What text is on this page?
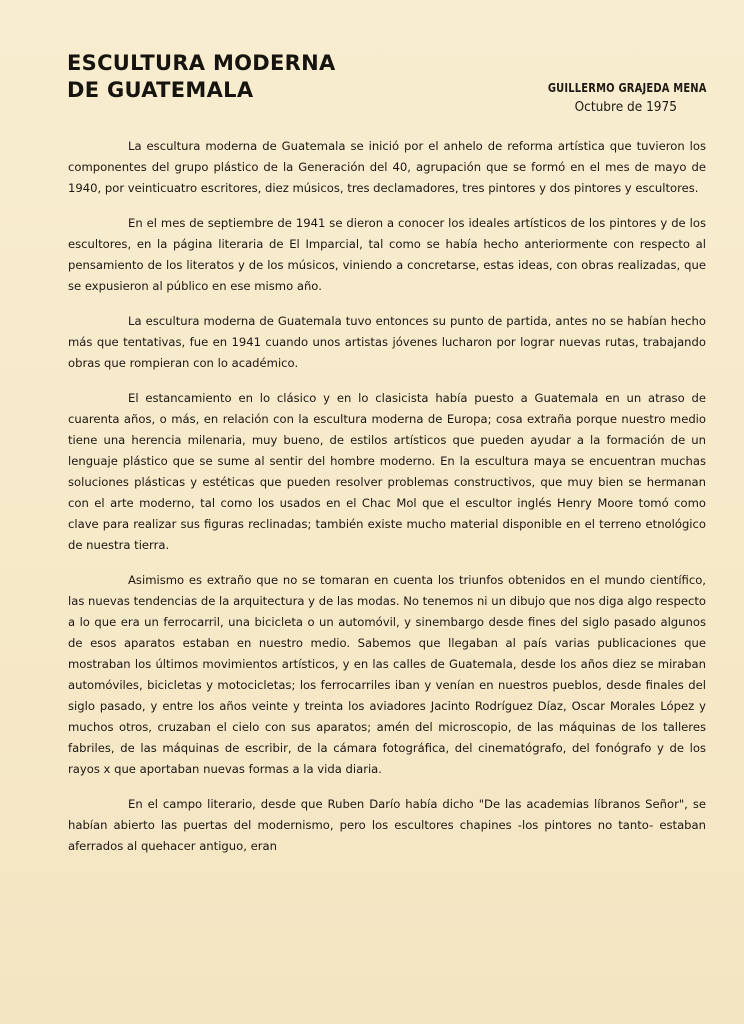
ESCULTURA MODERNA
DE GUATEMALA	GUILLERMO GRAJEDA MENA
Octubre de 1975

La escultura moderna de Guatemala se inició por el anhelo de reforma artística que tuvieron los componentes del grupo plástico de la Generación del 40, agrupación que se formó en el mes de mayo de 1940, por veinticuatro escritores, diez músicos, tres declamadores, tres pintores y dos pintores y escultores.

En el mes de septiembre de 1941 se dieron a conocer los ideales artísticos de los pintores y de los escultores, en la página literaria de El Imparcial, tal como se había hecho anteriormente con respecto al pensamiento de los literatos y de los músicos, viniendo a concretarse, estas ideas, con obras realizadas, que se expusieron al público en ese mismo año.

La escultura moderna de Guatemala tuvo entonces su punto de partida, antes no se habían hecho más que tentativas, fue en 1941 cuando unos artistas jóvenes lucharon por lograr nuevas rutas, trabajando obras que rompieran con lo académico.

El estancamiento en lo clásico y en lo clasicista había puesto a Guatemala en un atraso de cuarenta años, o más, en relación con la escultura moderna de Europa; cosa extraña porque nuestro medio tiene una herencia milenaria, muy bueno, de estilos artísticos que pueden ayudar a la formación de un lenguaje plástico que se sume al sentir del hombre moderno. En la escultura maya se encuentran muchas soluciones plásticas y estéticas que pueden resolver problemas constructivos, que muy bien se hermanan con el arte moderno, tal como los usados en el Chac Mol que el escultor inglés Henry Moore tomó como clave para realizar sus figuras reclinadas; también existe mucho material disponible en el terreno etnológico de nuestra tierra.

Asimismo es extraño que no se tomaran en cuenta los triunfos obtenidos en el mundo científico, las nuevas tendencias de la arquitectura y de las modas. No tenemos ni un dibujo que nos diga algo respecto a lo que era un ferrocarril, una bicicleta o un automóvil, y sinembargo desde fines del siglo pasado algunos de esos aparatos estaban en nuestro medio. Sabemos que llegaban al país varias publicaciones que mostraban los últimos movimientos artísticos, y en las calles de Guatemala, desde los años diez se miraban automóviles, bicicletas y motocicletas; los ferrocarriles iban y venían en nuestros pueblos, desde finales del siglo pasado, y entre los años veinte y treinta los aviadores Jacinto Rodríguez Díaz, Oscar Morales López y muchos otros, cruzaban el cielo con sus aparatos; amén del microscopio, de las máquinas de los talleres fabriles, de las máquinas de escribir, de la cámara fotográfica, del cinematógrafo, del fonógrafo y de los rayos x que aportaban nuevas formas a la vida diaria.

En el campo literario, desde que Ruben Darío había dicho "De las academias líbranos Señor", se habían abierto las puertas del modernismo, pero los escultores chapines -los pintores no tanto- estaban aferrados al quehacer antiguo, eran
